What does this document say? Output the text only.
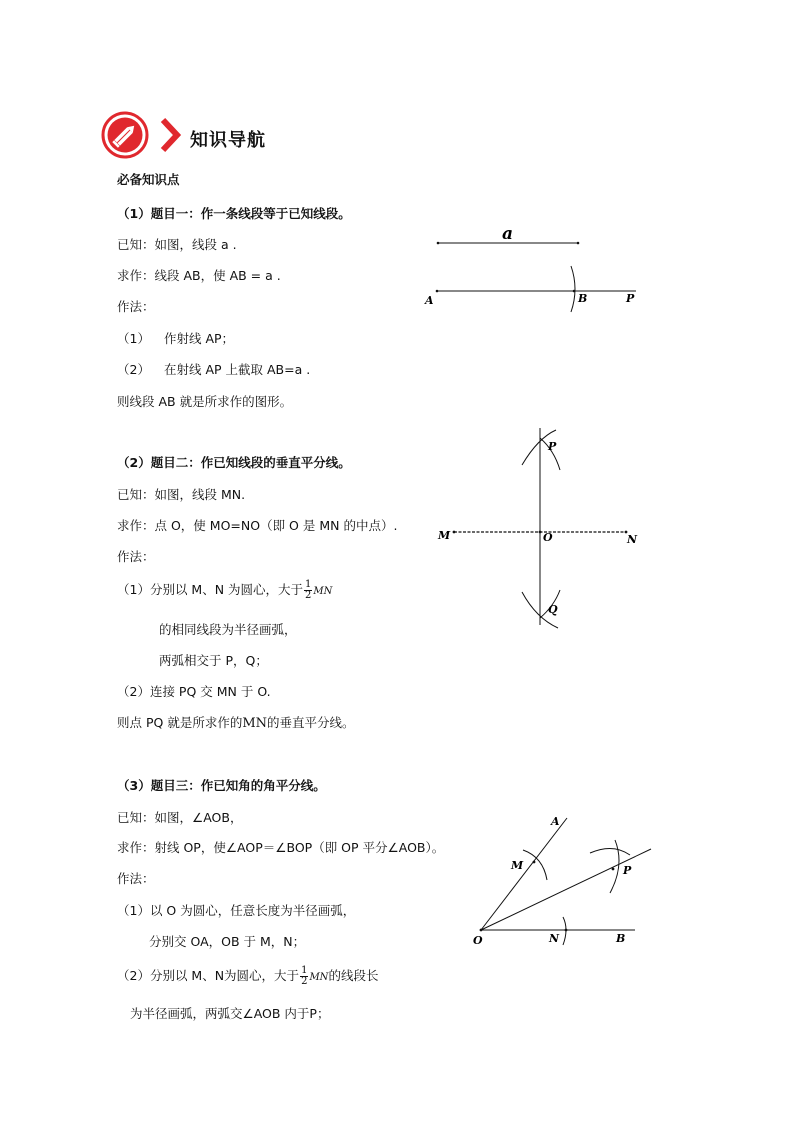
知识导航
必备知识点
（1）题目一：作一条线段等于已知线段。
已知：如图，线段 a .
求作：线段 AB，使 AB = a .
作法：
（1） 作射线 AP；
（2） 在射线 AP 上截取 AB=a .
则线段 AB 就是所求作的图形。
a
A	B	P
（2）题目二：作已知线段的垂直平分线。
已知：如图，线段 MN.
求作：点 O，使 MO=NO（即 O 是 MN 的中点）.
作法：
（1）分别以 M、N 为圆心，大于 $\frac{1}{2}$ MN
的相同线段为半径画弧，
两弧相交于 P，Q；
（2）连接 PQ 交 MN 于 O.
则点 PQ 就是所求作的MN的垂直平分线。
P
M	O	N
Q
（3）题目三：作已知角的角平分线。
已知：如图，∠AOB，
求作：射线 OP，使∠AOP＝∠BOP（即 OP 平分∠AOB）。
作法：
（1）以 O 为圆心，任意长度为半径画弧，
分别交 OA，OB 于 M，N；
（2）分别以 M、N为圆心，大于 $\frac{1}{2}$ MN的线段长
为半径画弧，两弧交∠AOB 内于P；
A
M	P
O	N	B
